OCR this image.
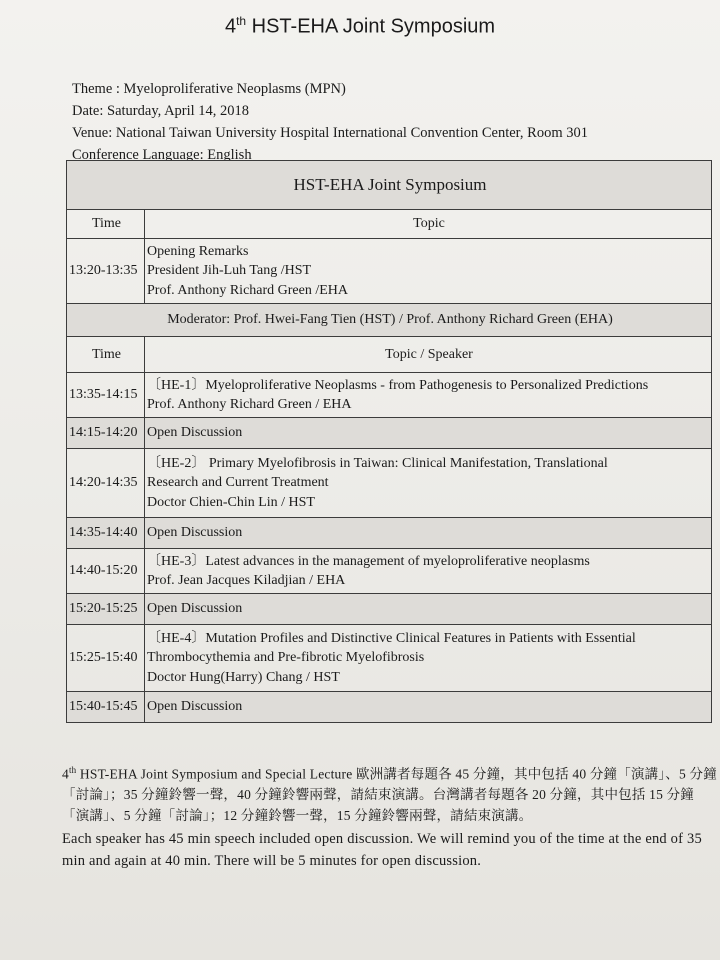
4th HST-EHA Joint Symposium
Theme : Myeloproliferative Neoplasms (MPN)
Date: Saturday, April 14, 2018
Venue: National Taiwan University Hospital International Convention Center, Room 301
Conference Language: English
HST-EHA Joint Symposium	
Time	Topic
13:20-13:35	Opening Remarks
President Jih-Luh Tang /HST
Prof. Anthony Richard Green /EHA

Moderator: Prof. Hwei-Fang Tien (HST) / Prof. Anthony Richard Green (EHA)	
Time	Topic / Speaker
13:35-14:15	〔HE-1〕Myeloproliferative Neoplasms - from Pathogenesis to Personalized Predictions
Prof. Anthony Richard Green / EHA

14:15-14:20	Open Discussion

14:20-14:35	〔HE-2〕 Primary Myelofibrosis in Taiwan: Clinical Manifestation, Translational
Research and Current Treatment
Doctor Chien-Chin Lin / HST

14:35-14:40	Open Discussion

14:40-15:20	〔HE-3〕Latest advances in the management of myeloproliferative neoplasms
Prof. Jean Jacques Kiladjian / EHA

15:20-15:25	Open Discussion

15:25-15:40	〔HE-4〕Mutation Profiles and Distinctive Clinical Features in Patients with Essential
Thrombocythemia and Pre-fibrotic Myelofibrosis
Doctor Hung(Harry) Chang / HST

15:40-15:45	Open Discussion
4th HST-EHA Joint Symposium and Special Lecture 歐洲講者每題各 45 分鐘，其中包括 40 分鐘「演講」、5 分鐘「討論」；35 分鐘鈴響一聲，40 分鐘鈴響兩聲，請結束演講。台灣講者每題各 20 分鐘，其中包括 15 分鐘「演講」、5 分鐘「討論」；12 分鐘鈴響一聲，15 分鐘鈴響兩聲，請結束演講。
Each speaker has 45 min speech included open discussion. We will remind you of the time at the end of 35 min and again at 40 min. There will be 5 minutes for open discussion.
